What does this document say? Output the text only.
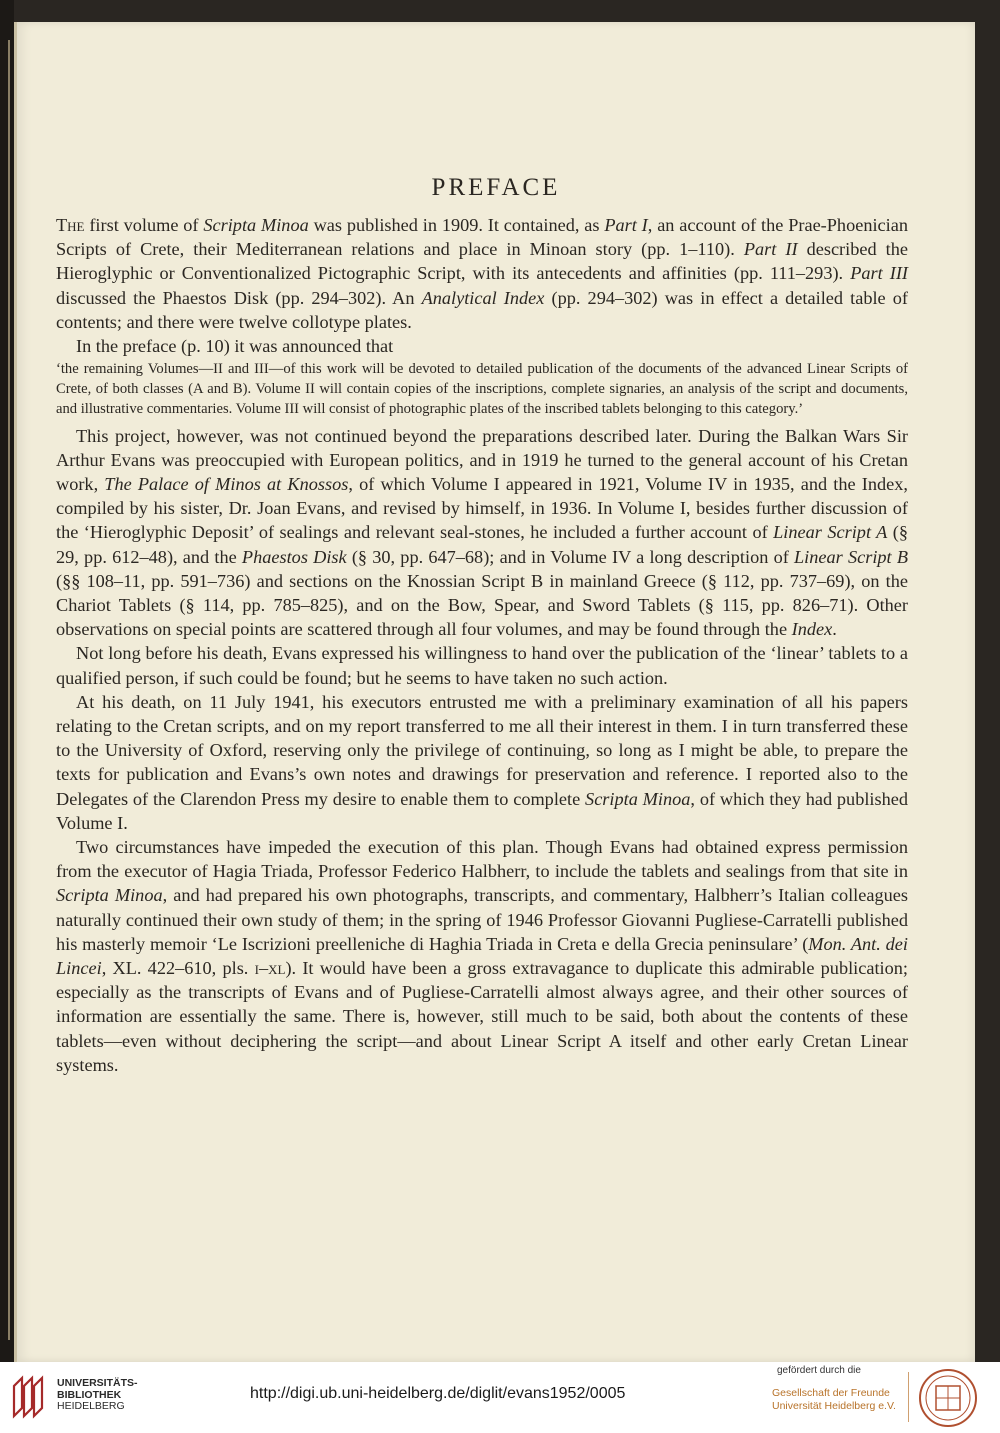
PREFACE

The first volume of Scripta Minoa was published in 1909. It contained, as Part I, an account of the Prae-Phoenician Scripts of Crete, their Mediterranean relations and place in Minoan story (pp. 1–110). Part II described the Hieroglyphic or Conventionalized Pictographic Script, with its antecedents and affinities (pp. 111–293). Part III discussed the Phaestos Disk (pp. 294–302). An Analytical Index (pp. 294–302) was in effect a detailed table of contents; and there were twelve collotype plates.

In the preface (p. 10) it was announced that

‘the remaining Volumes—II and III—of this work will be devoted to detailed publication of the documents of the advanced Linear Scripts of Crete, of both classes (A and B). Volume II will contain copies of the inscriptions, complete signaries, an analysis of the script and documents, and illustrative commentaries. Volume III will consist of photographic plates of the inscribed tablets belonging to this category.’

This project, however, was not continued beyond the preparations described later. During the Balkan Wars Sir Arthur Evans was preoccupied with European politics, and in 1919 he turned to the general account of his Cretan work, The Palace of Minos at Knossos, of which Volume I appeared in 1921, Volume IV in 1935, and the Index, compiled by his sister, Dr. Joan Evans, and revised by himself, in 1936. In Volume I, besides further discussion of the ‘Hieroglyphic Deposit’ of sealings and relevant seal-stones, he included a further account of Linear Script A (§ 29, pp. 612–48), and the Phaestos Disk (§ 30, pp. 647–68); and in Volume IV a long description of Linear Script B (§§ 108–11, pp. 591–736) and sections on the Knossian Script B in mainland Greece (§ 112, pp. 737–69), on the Chariot Tablets (§ 114, pp. 785–825), and on the Bow, Spear, and Sword Tablets (§ 115, pp. 826–71). Other observations on special points are scattered through all four volumes, and may be found through the Index.

Not long before his death, Evans expressed his willingness to hand over the publication of the ‘linear’ tablets to a qualified person, if such could be found; but he seems to have taken no such action.

At his death, on 11 July 1941, his executors entrusted me with a preliminary examination of all his papers relating to the Cretan scripts, and on my report transferred to me all their interest in them. I in turn transferred these to the University of Oxford, reserving only the privilege of continuing, so long as I might be able, to prepare the texts for publication and Evans’s own notes and drawings for preservation and reference. I reported also to the Delegates of the Clarendon Press my desire to enable them to complete Scripta Minoa, of which they had published Volume I.

Two circumstances have impeded the execution of this plan. Though Evans had obtained express permission from the executor of Hagia Triada, Professor Federico Halbherr, to include the tablets and sealings from that site in Scripta Minoa, and had prepared his own photographs, transcripts, and commentary, Halbherr’s Italian colleagues naturally continued their own study of them; in the spring of 1946 Professor Giovanni Pugliese-Carratelli published his masterly memoir ‘Le Iscrizioni preelleniche di Haghia Triada in Creta e della Grecia peninsulare’ (Mon. Ant. dei Lincei, XL. 422–610, pls. i–xl). It would have been a gross extravagance to duplicate this admirable publication; especially as the transcripts of Evans and of Pugliese-Carratelli almost always agree, and their other sources of information are essentially the same. There is, however, still much to be said, both about the contents of these tablets—even without deciphering the script—and about Linear Script A itself and other early Cretan Linear systems.

UNIVERSITÄTS-
BIBLIOTHEK
HEIDELBERG
http://digi.ub.uni-heidelberg.de/diglit/evans1952/0005
gefördert durch die
Gesellschaft der Freunde
Universität Heidelberg e.V.
